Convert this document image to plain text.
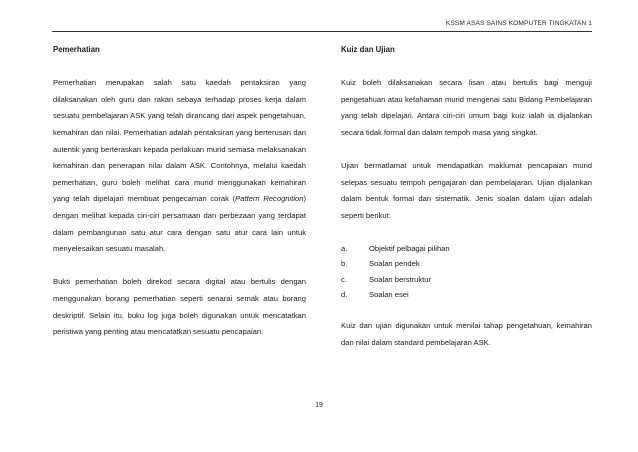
KSSM ASAS SAINS KOMPUTER TINGKATAN 1
Pemerhatian

Pemerhatian merupakan salah satu kaedah pentaksiran yang dilaksanakan oleh guru dan rakan sebaya terhadap proses kerja dalam sesuatu pembelajaran ASK yang telah dirancang dari aspek pengetahuan, kemahiran dan nilai. Pemerhatian adalah pentaksiran yang berterusan dan autentik yang berteraskan kepada perlakuan murid semasa melaksanakan kemahiran dan penerapan nilai dalam ASK. Contohnya, melalui kaedah pemerhatian, guru boleh melihat cara murid menggunakan kemahiran yang telah dipelajari membuat pengecaman corak (Pattern Recognition) dengan melihat kepada ciri-ciri persamaan dan perbezaan yang terdapat dalam pembangunan satu atur cara dengan satu atur cara lain untuk menyelesaikan sesuatu masalah.

Bukti pemerhatian boleh direkod secara digital atau bertulis dengan menggunakan borang pemerhatian seperti senarai semak atau borang deskriptif. Selain itu, buku log juga boleh digunakan untuk mencatatkan peristiwa yang penting atau mencatatkan sesuatu pencapaian.

Kuiz dan Ujian

Kuiz boleh dilaksanakan secara lisan atau bertulis bagi menguji pengetahuan atau kefahaman murid mengenai satu Bidang Pembelajaran yang telah dipelajari. Antara ciri-ciri umum bagi kuiz ialah ia dijalankan secara tidak formal dan dalam tempoh masa yang singkat.

Ujian bermatlamat untuk mendapatkan maklumat pencapaian murid selepas sesuatu tempoh pengajaran dan pembelajaran. Ujian dijalankan dalam bentuk formal dan sistematik. Jenis soalan dalam ujian adalah seperti berikut:

a.	Objektif pelbagai pilihan
b.	Soalan pendek
c.	Soalan berstruktur
d.	Soalan esei

Kuiz dan ujian digunakan untuk menilai tahap pengetahuan, kemahiran dan nilai dalam standard pembelajaran ASK.

19
